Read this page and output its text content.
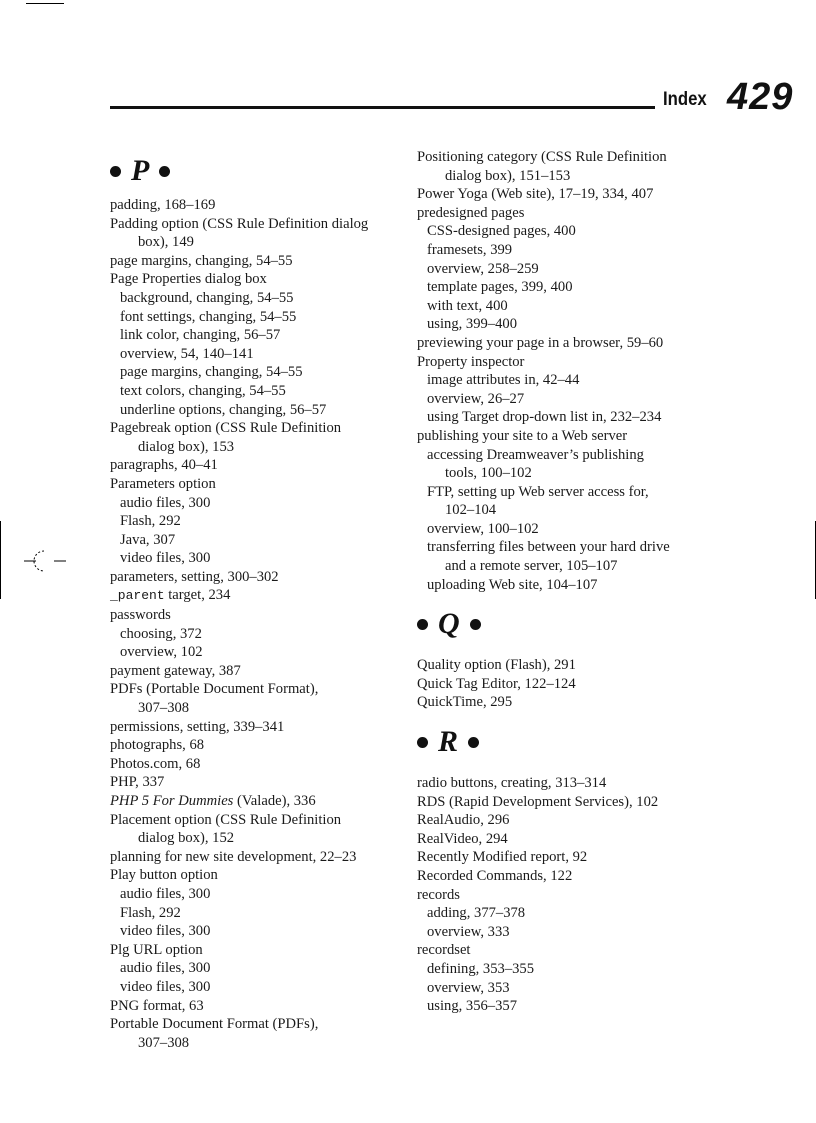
Index 429
P
padding, 168–169
Padding option (CSS Rule Definition dialog
box), 149
page margins, changing, 54–55
Page Properties dialog box
background, changing, 54–55
font settings, changing, 54–55
link color, changing, 56–57
overview, 54, 140–141
page margins, changing, 54–55
text colors, changing, 54–55
underline options, changing, 56–57
Pagebreak option (CSS Rule Definition
dialog box), 153
paragraphs, 40–41
Parameters option
audio files, 300
Flash, 292
Java, 307
video files, 300
parameters, setting, 300–302
_parent target, 234
passwords
choosing, 372
overview, 102
payment gateway, 387
PDFs (Portable Document Format),
307–308
permissions, setting, 339–341
photographs, 68
Photos.com, 68
PHP, 337
PHP 5 For Dummies (Valade), 336
Placement option (CSS Rule Definition
dialog box), 152
planning for new site development, 22–23
Play button option
audio files, 300
Flash, 292
video files, 300
Plg URL option
audio files, 300
video files, 300
PNG format, 63
Portable Document Format (PDFs),
307–308
Positioning category (CSS Rule Definition
dialog box), 151–153
Power Yoga (Web site), 17–19, 334, 407
predesigned pages
CSS-designed pages, 400
framesets, 399
overview, 258–259
template pages, 399, 400
with text, 400
using, 399–400
previewing your page in a browser, 59–60
Property inspector
image attributes in, 42–44
overview, 26–27
using Target drop-down list in, 232–234
publishing your site to a Web server
accessing Dreamweaver’s publishing
tools, 100–102
FTP, setting up Web server access for,
102–104
overview, 100–102
transferring files between your hard drive
and a remote server, 105–107
uploading Web site, 104–107
Q
Quality option (Flash), 291
Quick Tag Editor, 122–124
QuickTime, 295
R
radio buttons, creating, 313–314
RDS (Rapid Development Services), 102
RealAudio, 296
RealVideo, 294
Recently Modified report, 92
Recorded Commands, 122
records
adding, 377–378
overview, 333
recordset
defining, 353–355
overview, 353
using, 356–357
